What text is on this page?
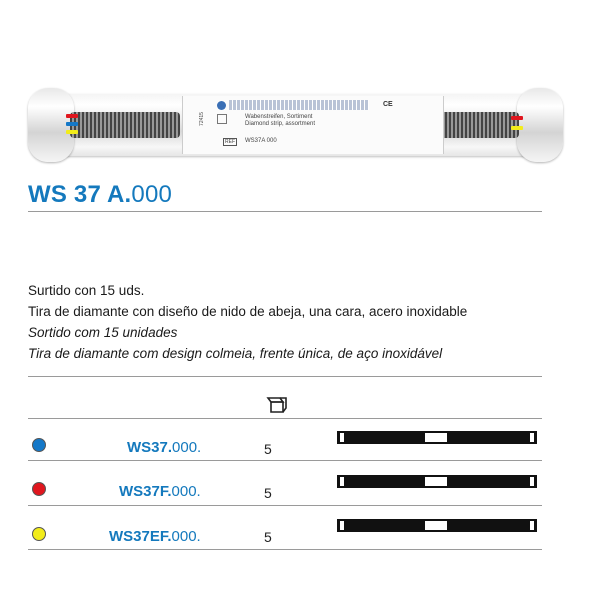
CE
72415	Wabenstreifen, Sortiment
Diamond strip, assortment
REF	WS37A 000
WS 37 A.000
Surtido con 15 uds.
Tira de diamante con diseño de nido de abeja, una cara, acero inoxidable
Sortido com 15 unidades
Tira de diamante com design colmeia, frente única, de aço inoxidável
WS37.000.	5
WS37F.000.	5
WS37EF.000.	5
